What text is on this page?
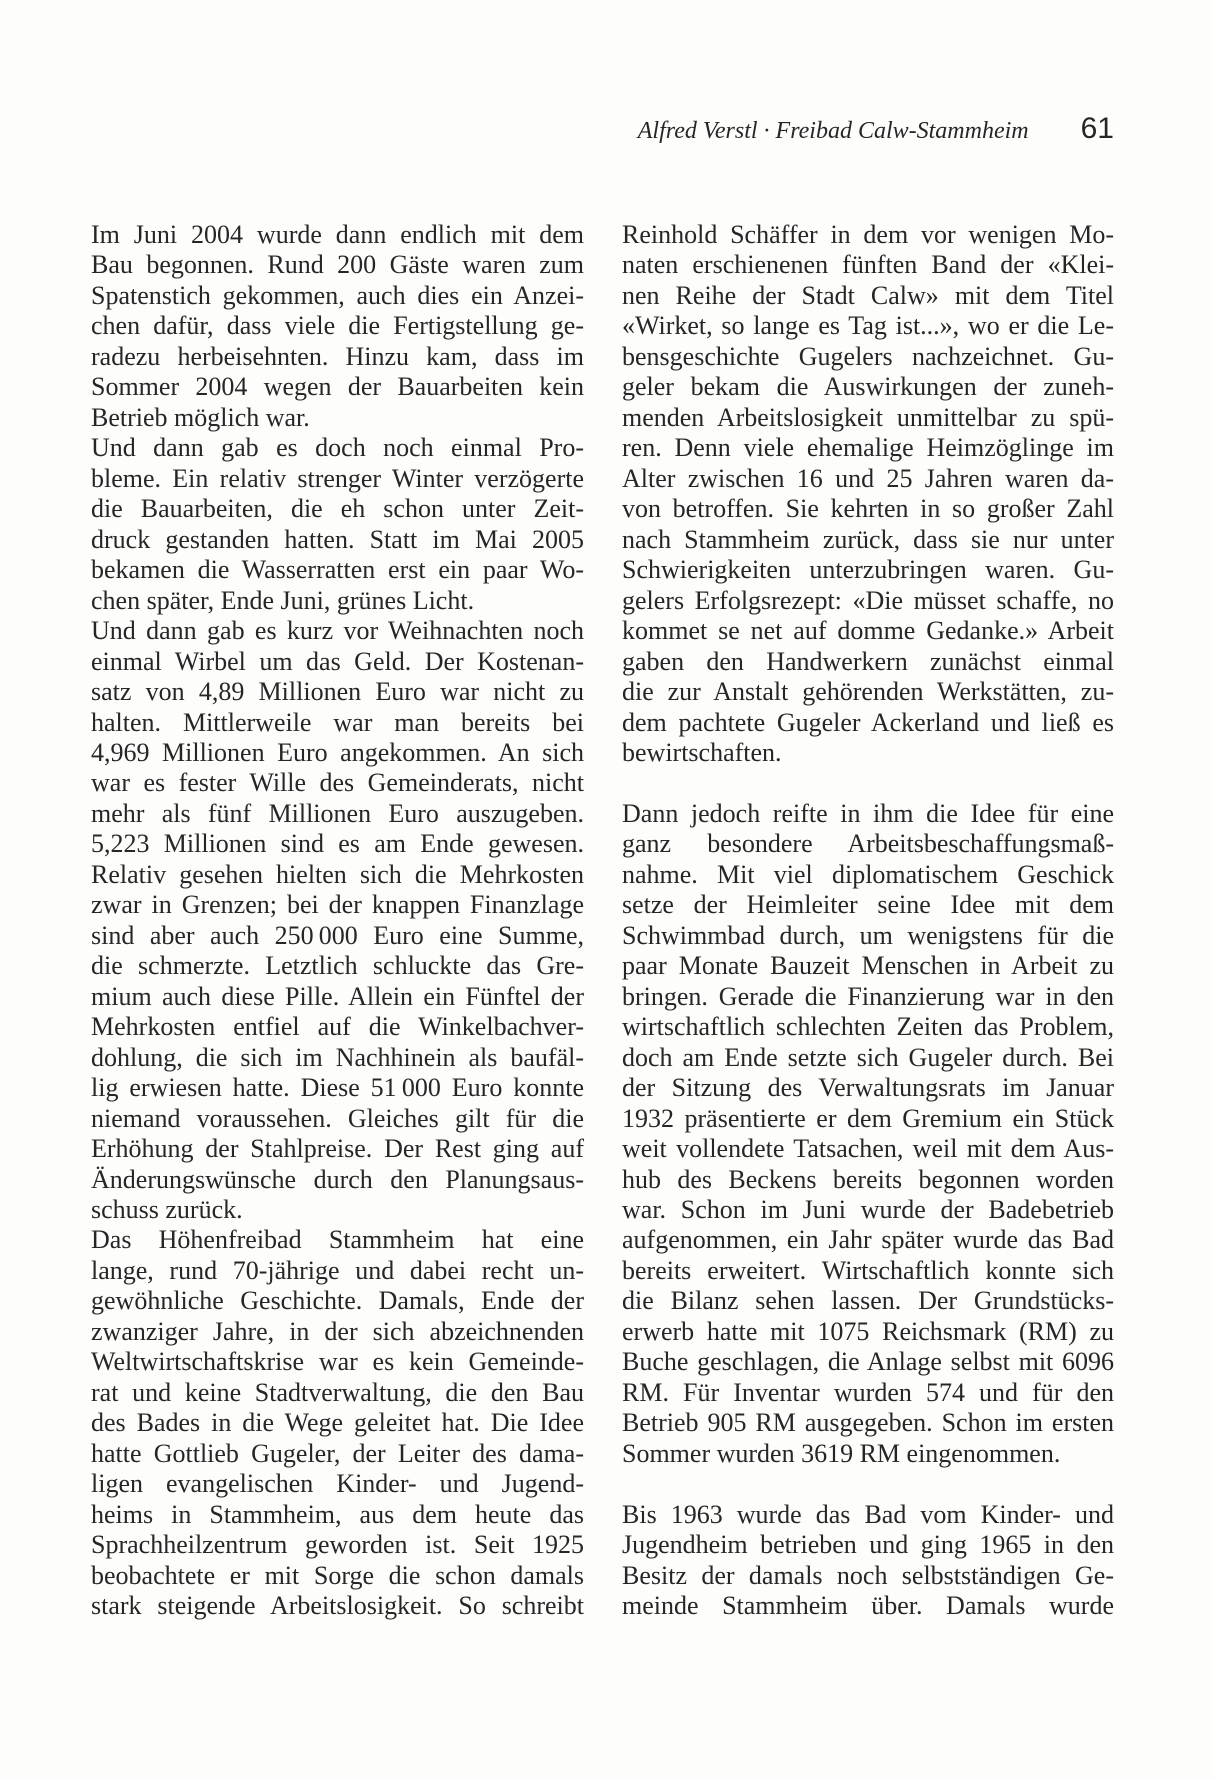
Alfred Verstl · Freibad Calw-Stammheim 61
Im Juni 2004 wurde dann endlich mit dem
Bau begonnen. Rund 200 Gäste waren zum
Spatenstich gekommen, auch dies ein Anzei-
chen dafür, dass viele die Fertigstellung ge-
radezu herbeisehnten. Hinzu kam, dass im
Sommer 2004 wegen der Bauarbeiten kein
Betrieb möglich war.
Und dann gab es doch noch einmal Pro-
bleme. Ein relativ strenger Winter verzögerte
die Bauarbeiten, die eh schon unter Zeit-
druck gestanden hatten. Statt im Mai 2005
bekamen die Wasserratten erst ein paar Wo-
chen später, Ende Juni, grünes Licht.
Und dann gab es kurz vor Weihnachten noch
einmal Wirbel um das Geld. Der Kostenan-
satz von 4,89 Millionen Euro war nicht zu
halten. Mittlerweile war man bereits bei
4,969 Millionen Euro angekommen. An sich
war es fester Wille des Gemeinderats, nicht
mehr als fünf Millionen Euro auszugeben.
5,223 Millionen sind es am Ende gewesen.
Relativ gesehen hielten sich die Mehrkosten
zwar in Grenzen; bei der knappen Finanzlage
sind aber auch 250 000 Euro eine Summe,
die schmerzte. Letztlich schluckte das Gre-
mium auch diese Pille. Allein ein Fünftel der
Mehrkosten entfiel auf die Winkelbachver-
dohlung, die sich im Nachhinein als baufäl-
lig erwiesen hatte. Diese 51 000 Euro konnte
niemand voraussehen. Gleiches gilt für die
Erhöhung der Stahlpreise. Der Rest ging auf
Änderungswünsche durch den Planungsaus-
schuss zurück.
Das Höhenfreibad Stammheim hat eine
lange, rund 70-jährige und dabei recht un-
gewöhnliche Geschichte. Damals, Ende der
zwanziger Jahre, in der sich abzeichnenden
Weltwirtschaftskrise war es kein Gemeinde-
rat und keine Stadtverwaltung, die den Bau
des Bades in die Wege geleitet hat. Die Idee
hatte Gottlieb Gugeler, der Leiter des dama-
ligen evangelischen Kinder- und Jugend-
heims in Stammheim, aus dem heute das
Sprachheilzentrum geworden ist. Seit 1925
beobachtete er mit Sorge die schon damals
stark steigende Arbeitslosigkeit. So schreibt
Reinhold Schäffer in dem vor wenigen Mo-
naten erschienenen fünften Band der «Klei-
nen Reihe der Stadt Calw» mit dem Titel
«Wirket, so lange es Tag ist...», wo er die Le-
bensgeschichte Gugelers nachzeichnet. Gu-
geler bekam die Auswirkungen der zuneh-
menden Arbeitslosigkeit unmittelbar zu spü-
ren. Denn viele ehemalige Heimzöglinge im
Alter zwischen 16 und 25 Jahren waren da-
von betroffen. Sie kehrten in so großer Zahl
nach Stammheim zurück, dass sie nur unter
Schwierigkeiten unterzubringen waren. Gu-
gelers Erfolgsrezept: «Die müsset schaffe, no
kommet se net auf domme Gedanke.» Arbeit
gaben den Handwerkern zunächst einmal
die zur Anstalt gehörenden Werkstätten, zu-
dem pachtete Gugeler Ackerland und ließ es
bewirtschaften.
Dann jedoch reifte in ihm die Idee für eine
ganz besondere Arbeitsbeschaffungsmaß-
nahme. Mit viel diplomatischem Geschick
setze der Heimleiter seine Idee mit dem
Schwimmbad durch, um wenigstens für die
paar Monate Bauzeit Menschen in Arbeit zu
bringen. Gerade die Finanzierung war in den
wirtschaftlich schlechten Zeiten das Problem,
doch am Ende setzte sich Gugeler durch. Bei
der Sitzung des Verwaltungsrats im Januar
1932 präsentierte er dem Gremium ein Stück
weit vollendete Tatsachen, weil mit dem Aus-
hub des Beckens bereits begonnen worden
war. Schon im Juni wurde der Badebetrieb
aufgenommen, ein Jahr später wurde das Bad
bereits erweitert. Wirtschaftlich konnte sich
die Bilanz sehen lassen. Der Grundstücks-
erwerb hatte mit 1075 Reichsmark (RM) zu
Buche geschlagen, die Anlage selbst mit 6096
RM. Für Inventar wurden 574 und für den
Betrieb 905 RM ausgegeben. Schon im ersten
Sommer wurden 3619 RM eingenommen.
Bis 1963 wurde das Bad vom Kinder- und
Jugendheim betrieben und ging 1965 in den
Besitz der damals noch selbstständigen Ge-
meinde Stammheim über. Damals wurde
